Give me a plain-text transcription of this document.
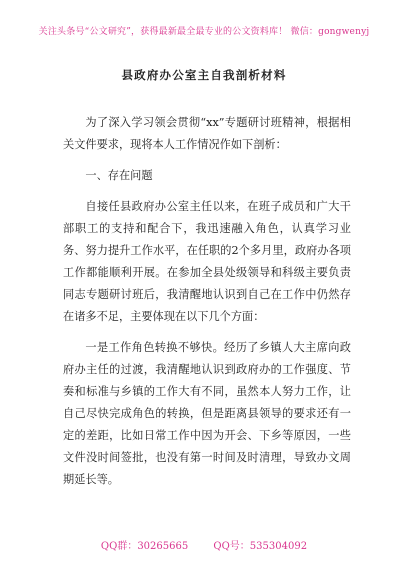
关注头条号“公文研究”，获得最新最全最专业的公文资料库！ 微信：gongwenyj
县政府办公室主自我剖析材料

为了深入学习领会贯彻“xx”专题研讨班精神，根据相关文件要求，现将本人工作情况作如下剖析：

一、存在问题

自接任县政府办公室主任以来，在班子成员和广大干部职工的支持和配合下，我迅速融入角色，认真学习业务、努力提升工作水平，在任职的2个多月里，政府办各项工作都能顺利开展。在参加全县处级领导和科级主要负责同志专题研讨班后，我清醒地认识到自己在工作中仍然存在诸多不足，主要体现在以下几个方面：

一是工作角色转换不够快。经历了乡镇人大主席向政府办主任的过渡，我清醒地认识到政府办的工作强度、节奏和标准与乡镇的工作大有不同，虽然本人努力工作，让自己尽快完成角色的转换，但是距离县领导的要求还有一定的差距，比如日常工作中因为开会、下乡等原因，一些文件没时间签批，也没有第一时间及时清理，导致办文周期延长等。

QQ群：30265665	QQ号：535304092
